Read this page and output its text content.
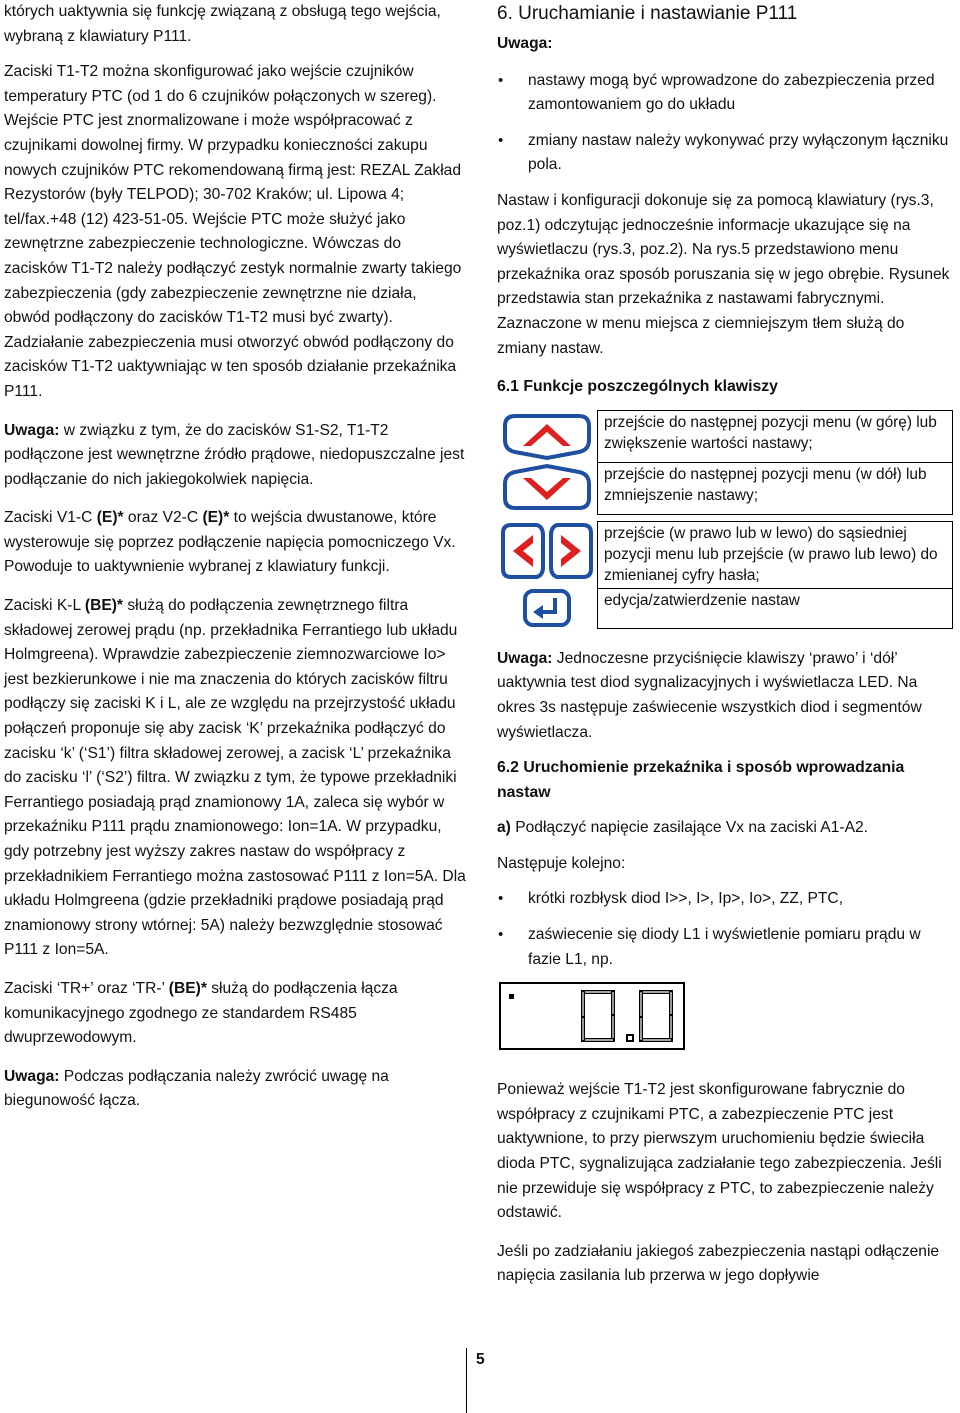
których uaktywnia się funkcję związaną z obsługą tego wejścia, wybraną z klawiatury P111.

Zaciski T1-T2 można skonfigurować jako wejście czujników temperatury PTC (od 1 do 6 czujników połączonych w szereg). Wejście PTC jest znormalizowane i może współpracować z czujnikami dowolnej firmy. W przypadku konieczności zakupu nowych czujników PTC rekomendowaną firmą jest: REZAL Zakład Rezystorów (były TELPOD); 30-702 Kraków; ul. Lipowa 4; tel/fax.+48 (12) 423-51-05. Wejście PTC może służyć jako zewnętrzne zabezpieczenie technologiczne. Wówczas do zacisków T1-T2 należy podłączyć zestyk normalnie zwarty takiego zabezpieczenia (gdy zabezpieczenie zewnętrzne nie działa, obwód podłączony do zacisków T1-T2 musi być zwarty). Zadziałanie zabezpieczenia musi otworzyć obwód podłączony do zacisków T1-T2 uaktywniając w ten sposób działanie przekaźnika P111.

Uwaga: w związku z tym, że do zacisków S1-S2, T1-T2 podłączone jest wewnętrzne źródło prądowe, niedopuszczalne jest podłączanie do nich jakiegokolwiek napięcia.

Zaciski V1-C (E)* oraz V2-C (E)* to wejścia dwustanowe, które wysterowuje się poprzez podłączenie napięcia pomocniczego Vx. Powoduje to uaktywnienie wybranej z klawiatury funkcji.

Zaciski K-L (BE)* służą do podłączenia zewnętrznego filtra składowej zerowej prądu (np. przekładnika Ferrantiego lub układu Holmgreena). Wprawdzie zabezpieczenie ziemnozwarciowe Io> jest bezkierunkowe i nie ma znaczenia do których zacisków filtru podłączy się zaciski K i L, ale ze względu na przejrzystość układu połączeń proponuje się aby zacisk ‘K’ przekaźnika podłączyć do zacisku ‘k’ (‘S1’) filtra składowej zerowej, a zacisk ‘L’ przekaźnika do zacisku ‘l’ (‘S2’) filtra. W związku z tym, że typowe przekładniki Ferrantiego posiadają prąd znamionowy 1A, zaleca się wybór w przekaźniku P111 prądu znamionowego: Ion=1A. W przypadku, gdy potrzebny jest wyższy zakres nastaw do współpracy z przekładnikiem Ferrantiego można zastosować P111 z Ion=5A. Dla układu Holmgreena (gdzie przekładniki prądowe posiadają prąd znamionowy strony wtórnej: 5A) należy bezwzględnie stosować P111 z Ion=5A.

Zaciski ‘TR+’ oraz ‘TR-’ (BE)* służą do podłączenia łącza komunikacyjnego zgodnego ze standardem RS485 dwuprzewodowym.

Uwaga: Podczas podłączania należy zwrócić uwagę na biegunowość łącza.

6. Uruchamianie i nastawianie P111

Uwaga:

• nastawy mogą być wprowadzone do zabezpieczenia przed zamontowaniem go do układu
• zmiany nastaw należy wykonywać przy wyłączonym łączniku pola.

Nastaw i konfiguracji dokonuje się za pomocą klawiatury (rys.3, poz.1) odczytując jednocześnie informacje ukazujące się na wyświetlaczu (rys.3, poz.2). Na rys.5 przedstawiono menu przekaźnika oraz sposób poruszania się w jego obrębie. Rysunek przedstawia stan przekaźnika z nastawami fabrycznymi. Zaznaczone w menu miejsca z ciemniejszym tłem służą do zmiany nastaw.

6.1 Funkcje poszczególnych klawiszy
	przejście do następnej pozycji menu (w górę) lub zwiększenie wartości nastawy;

	przejście do następnej pozycji menu (w dół) lub zmniejszenie nastawy;

	przejście (w prawo lub w lewo) do sąsiedniej pozycji menu lub przejście (w prawo lub lewo) do zmienianej cyfry hasła;

	edycja/zatwierdzenie nastaw

Uwaga: Jednoczesne przyciśnięcie klawiszy ‘prawo’ i ‘dół’ uaktywnia test diod sygnalizacyjnych i wyświetlacza LED. Na okres 3s następuje zaświecenie wszystkich diod i segmentów wyświetlacza.

6.2 Uruchomienie przekaźnika i sposób wprowadzania nastaw

a) Podłączyć napięcie zasilające Vx na zaciski A1-A2.

Następuje kolejno:

• krótki rozbłysk diod I>>, I>, Ip>, Io>, ZZ, PTC,
• zaświecenie się diody L1 i wyświetlenie pomiaru prądu w fazie L1, np.

Ponieważ wejście T1-T2 jest skonfigurowane fabrycznie do współpracy z czujnikami PTC, a zabezpieczenie PTC jest uaktywnione, to przy pierwszym uruchomieniu będzie świeciła dioda PTC, sygnalizująca zadziałanie tego zabezpieczenia. Jeśli nie przewiduje się współpracy z PTC, to zabezpieczenie należy odstawić.

Jeśli po zadziałaniu jakiegoś zabezpieczenia nastąpi odłączenie napięcia zasilania lub przerwa w jego dopływie

5
